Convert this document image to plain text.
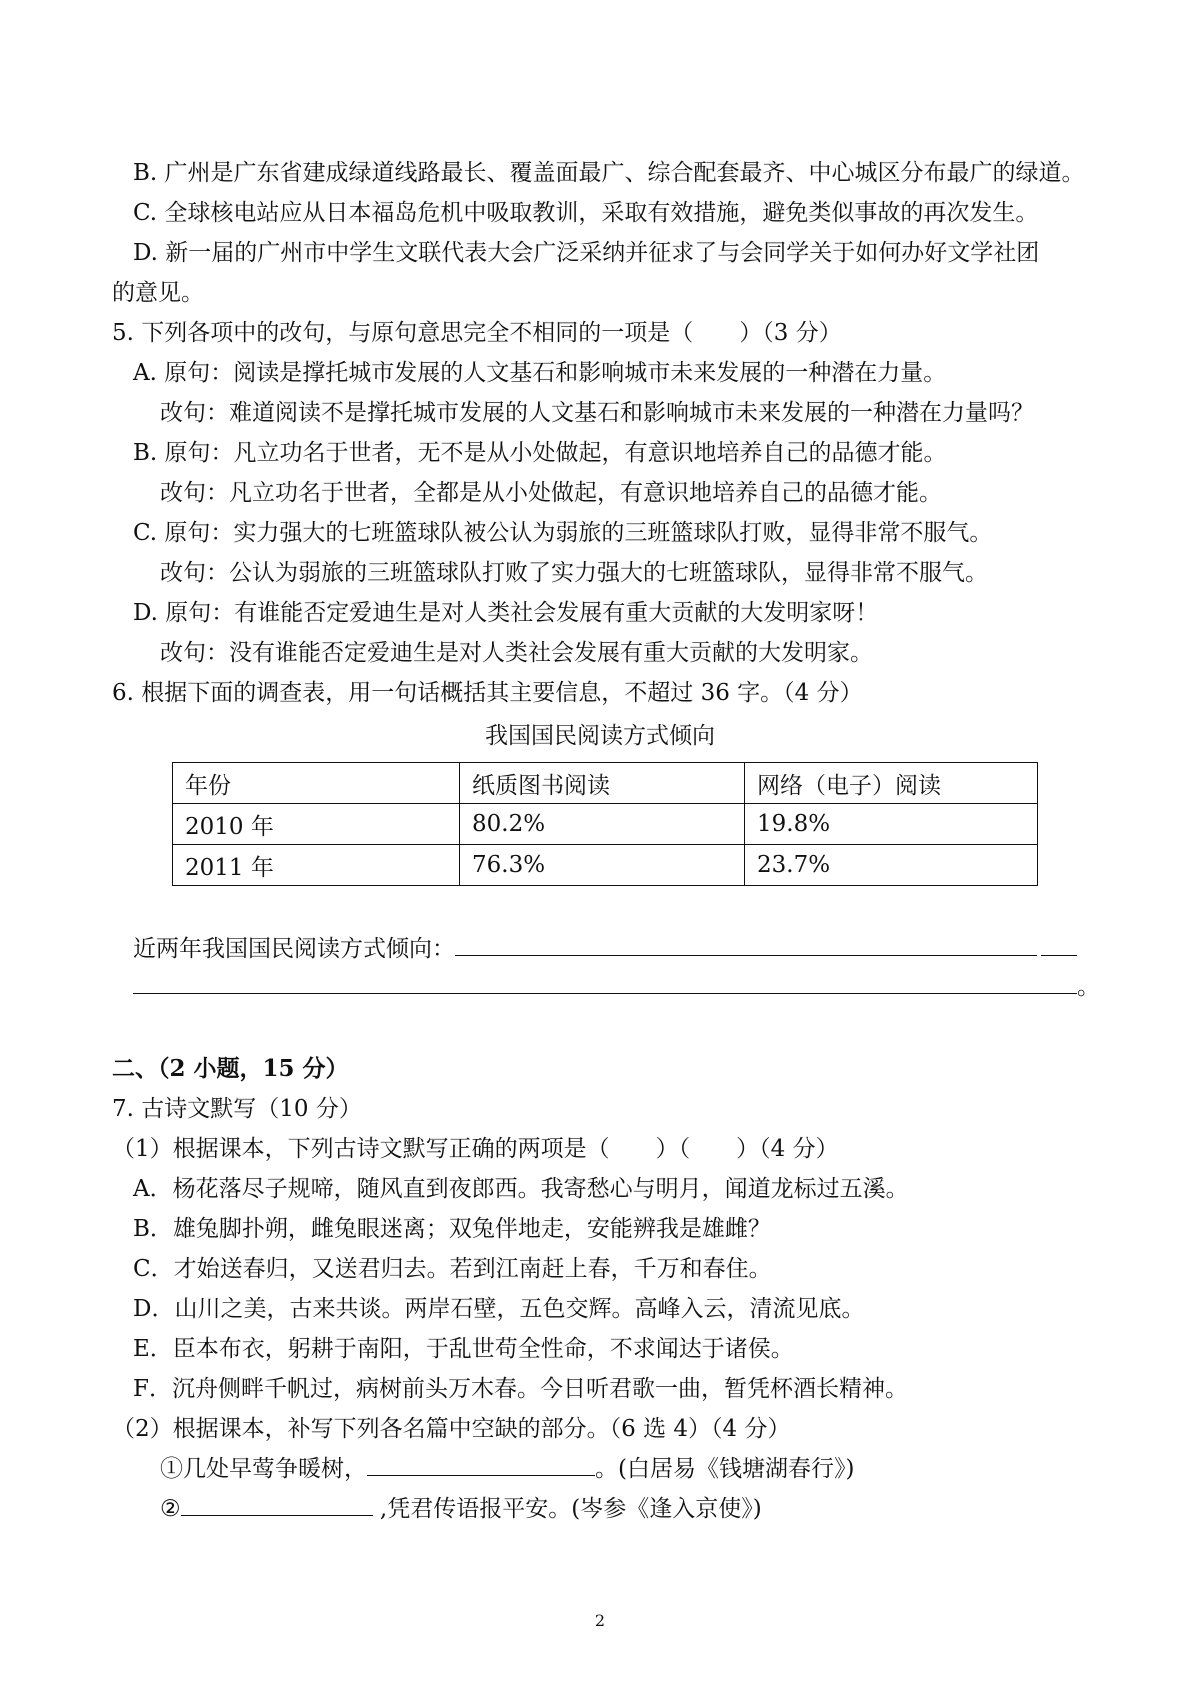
B. 广州是广东省建成绿道线路最长、覆盖面最广、综合配套最齐、中心城区分布最广的绿道。
C. 全球核电站应从日本福岛危机中吸取教训，采取有效措施，避免类似事故的再次发生。
D. 新一届的广州市中学生文联代表大会广泛采纳并征求了与会同学关于如何办好文学社团
的意见。
5. 下列各项中的改句，与原句意思完全不相同的一项是（　　）（3 分）
A. 原句：阅读是撑托城市发展的人文基石和影响城市未来发展的一种潜在力量。
改句：难道阅读不是撑托城市发展的人文基石和影响城市未来发展的一种潜在力量吗？
B. 原句：凡立功名于世者，无不是从小处做起，有意识地培养自己的品德才能。
改句：凡立功名于世者，全都是从小处做起，有意识地培养自己的品德才能。
C. 原句：实力强大的七班篮球队被公认为弱旅的三班篮球队打败，显得非常不服气。
改句：公认为弱旅的三班篮球队打败了实力强大的七班篮球队，显得非常不服气。
D. 原句：有谁能否定爱迪生是对人类社会发展有重大贡献的大发明家呀！
改句：没有谁能否定爱迪生是对人类社会发展有重大贡献的大发明家。
6. 根据下面的调查表，用一句话概括其主要信息，不超过 36 字。（4 分）
我国国民阅读方式倾向
年份	纸质图书阅读	网络（电子）阅读
2010 年	80.2%	19.8%
2011 年	76.3%	23.7%
近两年我国国民阅读方式倾向：
。
二、（2 小题，15 分）
7. 古诗文默写（10 分）
（1）根据课本，下列古诗文默写正确的两项是（　　）（　　）（4 分）
A．杨花落尽子规啼，随风直到夜郎西。我寄愁心与明月，闻道龙标过五溪。
B．雄兔脚扑朔，雌兔眼迷离；双兔伴地走，安能辨我是雄雌？
C．才始送春归，又送君归去。若到江南赶上春，千万和春住。
D．山川之美，古来共谈。两岸石壁，五色交辉。高峰入云，清流见底。
E．臣本布衣，躬耕于南阳，于乱世苟全性命，不求闻达于诸侯。
F．沉舟侧畔千帆过，病树前头万木春。今日听君歌一曲，暂凭杯酒长精神。
（2）根据课本，补写下列各名篇中空缺的部分。（6 选 4）（4 分）
①几处早莺争暖树，	。(白居易《钱塘湖春行》)
②	,凭君传语报平安。(岑参《逢入京使》)
2
